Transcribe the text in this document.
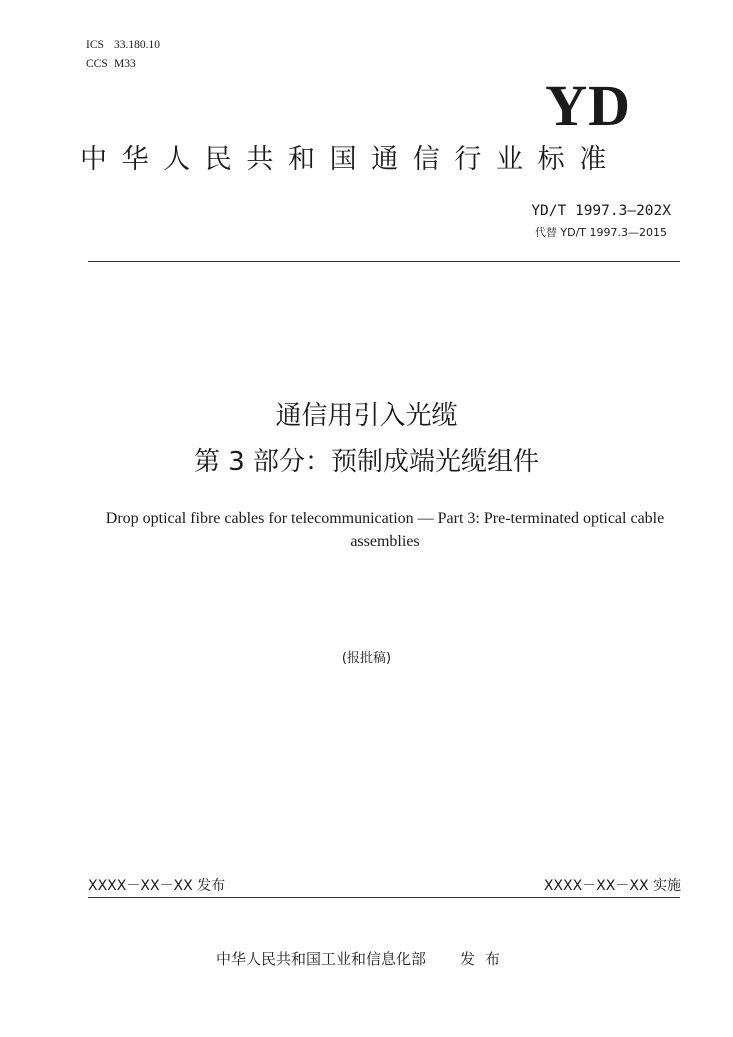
ICS 33.180.10
CCS M33
YD
中华人民共和国通信行业标准
YD/T 1997.3—202X
代替 YD/T 1997.3—2015
通信用引入光缆
第 3 部分：预制成端光缆组件
Drop optical fibre cables for telecommunication — Part 3: Pre-terminated optical cable assemblies
(报批稿)
XXXX－XX－XX 发布	XXXX－XX－XX 实施
中华人民共和国工业和信息化部 发布
